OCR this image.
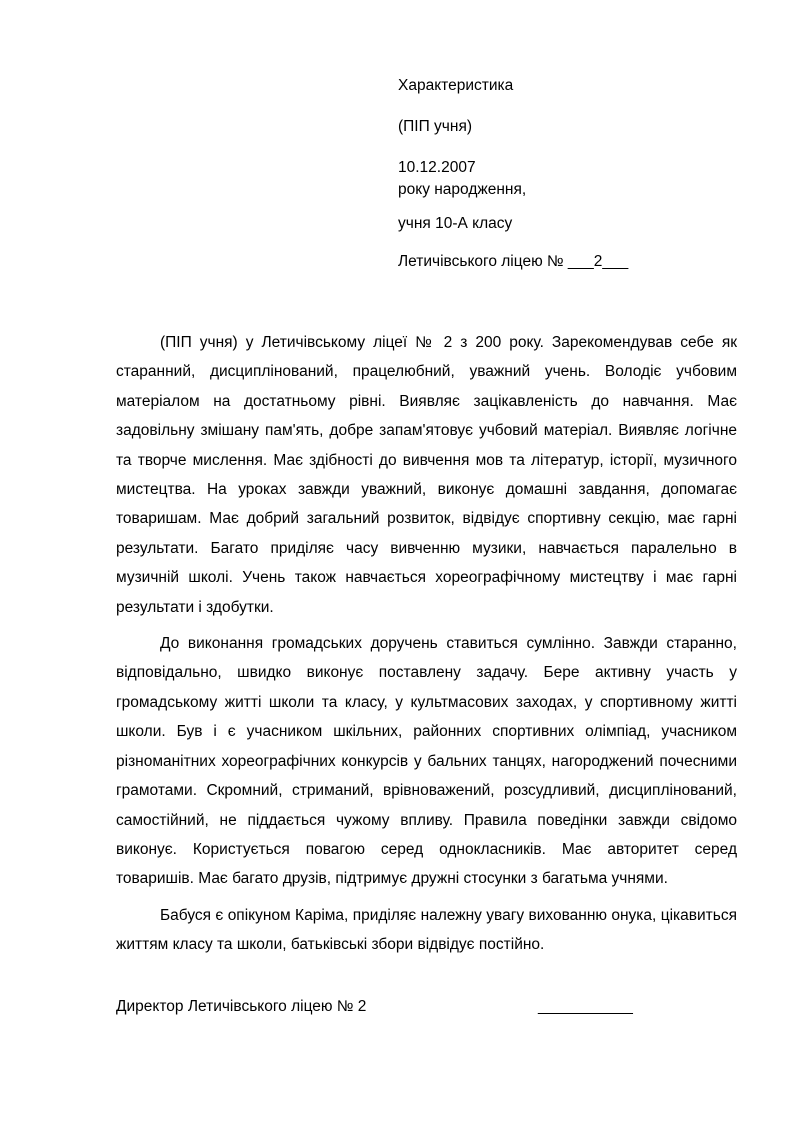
Характеристика
(ПІП учня)
10.12.2007
року народження,
учня 10-А класу
Летичівського ліцею № ___2___

(ПІП учня) у Летичівському ліцеї № 2 з 200 року. Зарекомендував себе як старанний, дисциплінований, працелюбний, уважний учень. Володіє учбовим матеріалом на достатньому рівні. Виявляє зацікавленість до навчання. Має задовільну змішану пам'ять, добре запам'ятовує учбовий матеріал. Виявляє логічне та творче мислення. Має здібності до вивчення мов та літератур, історії, музичного мистецтва. На уроках завжди уважний, виконує домашні завдання, допомагає товаришам. Має добрий загальний розвиток, відвідує спортивну секцію, має гарні результати. Багато приділяє часу вивченню музики, навчається паралельно в музичній школі. Учень також навчається хореографічному мистецтву і має гарні результати і здобутки.

До виконання громадських доручень ставиться сумлінно. Завжди старанно, відповідально, швидко виконує поставлену задачу. Бере активну участь у громадському житті школи та класу, у культмасових заходах, у спортивному житті школи. Був і є учасником шкільних, районних спортивних олімпіад, учасником різноманітних хореографічних конкурсів у бальних танцях, нагороджений почесними грамотами. Скромний, стриманий, врівноважений, розсудливий, дисциплінований, самостійний, не піддається чужому впливу. Правила поведінки завжди свідомо виконує. Користується повагою серед однокласників. Має авторитет серед товаришів. Має багато друзів, підтримує дружні стосунки з багатьма учнями.

Бабуся є опікуном Каріма, приділяє належну увагу вихованню онука, цікавиться життям класу та школи, батьківські збори відвідує постійно.

Директор Летичівського ліцею № 2	___________
